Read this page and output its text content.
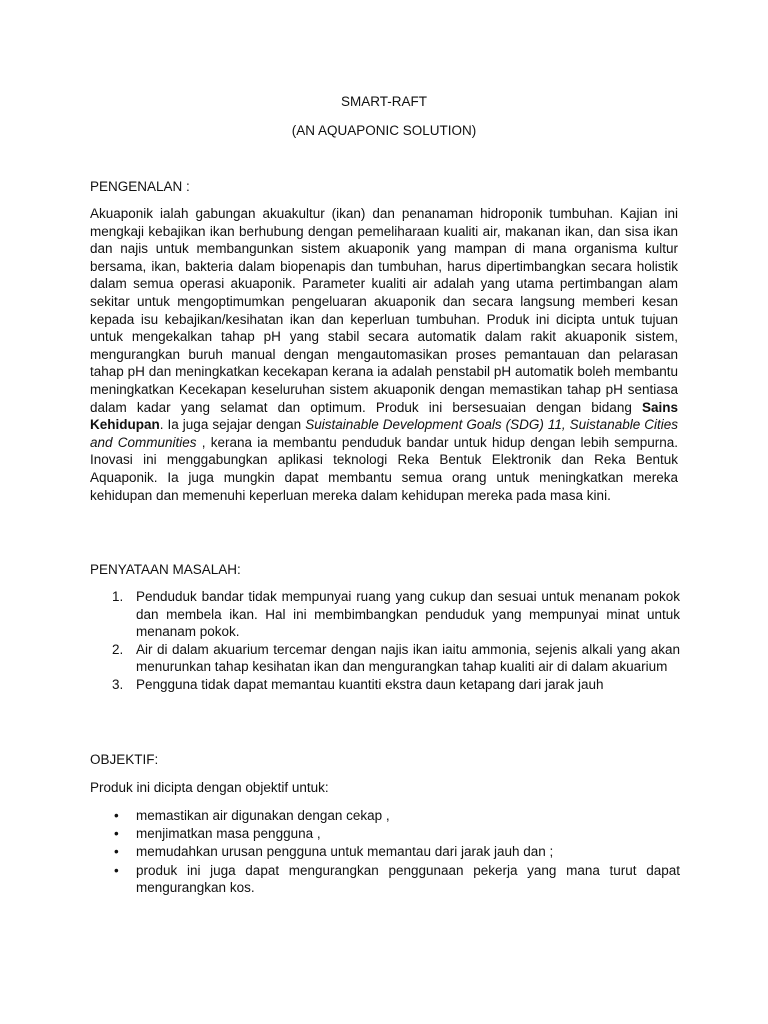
SMART-RAFT
(AN AQUAPONIC SOLUTION)
PENGENALAN :

Akuaponik ialah gabungan akuakultur (ikan) dan penanaman hidroponik tumbuhan. Kajian ini mengkaji kebajikan ikan berhubung dengan pemeliharaan kualiti air, makanan ikan, dan sisa ikan dan najis untuk membangunkan sistem akuaponik yang mampan di mana organisma kultur bersama, ikan, bakteria dalam biopenapis dan tumbuhan, harus dipertimbangkan secara holistik dalam semua operasi akuaponik. Parameter kualiti air adalah yang utama pertimbangan alam sekitar untuk mengoptimumkan pengeluaran akuaponik dan secara langsung memberi kesan kepada isu kebajikan/kesihatan ikan dan keperluan tumbuhan. Produk ini dicipta untuk tujuan untuk mengekalkan tahap pH yang stabil secara automatik dalam rakit akuaponik sistem, mengurangkan buruh manual dengan mengautomasikan proses pemantauan dan pelarasan tahap pH dan meningkatkan kecekapan kerana ia adalah penstabil pH automatik boleh membantu meningkatkan Kecekapan keseluruhan sistem akuaponik dengan memastikan tahap pH sentiasa dalam kadar yang selamat dan optimum. Produk ini bersesuaian dengan bidang Sains Kehidupan. Ia juga sejajar dengan Suistainable Development Goals (SDG) 11, Suistanable Cities and Communities , kerana ia membantu penduduk bandar untuk hidup dengan lebih sempurna. Inovasi ini menggabungkan aplikasi teknologi Reka Bentuk Elektronik dan Reka Bentuk Aquaponik. Ia juga mungkin dapat membantu semua orang untuk meningkatkan mereka kehidupan dan memenuhi keperluan mereka dalam kehidupan mereka pada masa kini.

PENYATAAN MASALAH:
1. Penduduk bandar tidak mempunyai ruang yang cukup dan sesuai untuk menanam pokok dan membela ikan. Hal ini membimbangkan penduduk yang mempunyai minat untuk menanam pokok.
2. Air di dalam akuarium tercemar dengan najis ikan iaitu ammonia, sejenis alkali yang akan menurunkan tahap kesihatan ikan dan mengurangkan tahap kualiti air di dalam akuarium
3. Pengguna tidak dapat memantau kuantiti ekstra daun ketapang dari jarak jauh
OBJEKTIF:
Produk ini dicipta dengan objektif untuk:
• memastikan air digunakan dengan cekap ,
• menjimatkan masa pengguna ,
• memudahkan urusan pengguna untuk memantau dari jarak jauh dan ;
• produk ini juga dapat mengurangkan penggunaan pekerja yang mana turut dapat mengurangkan kos.
